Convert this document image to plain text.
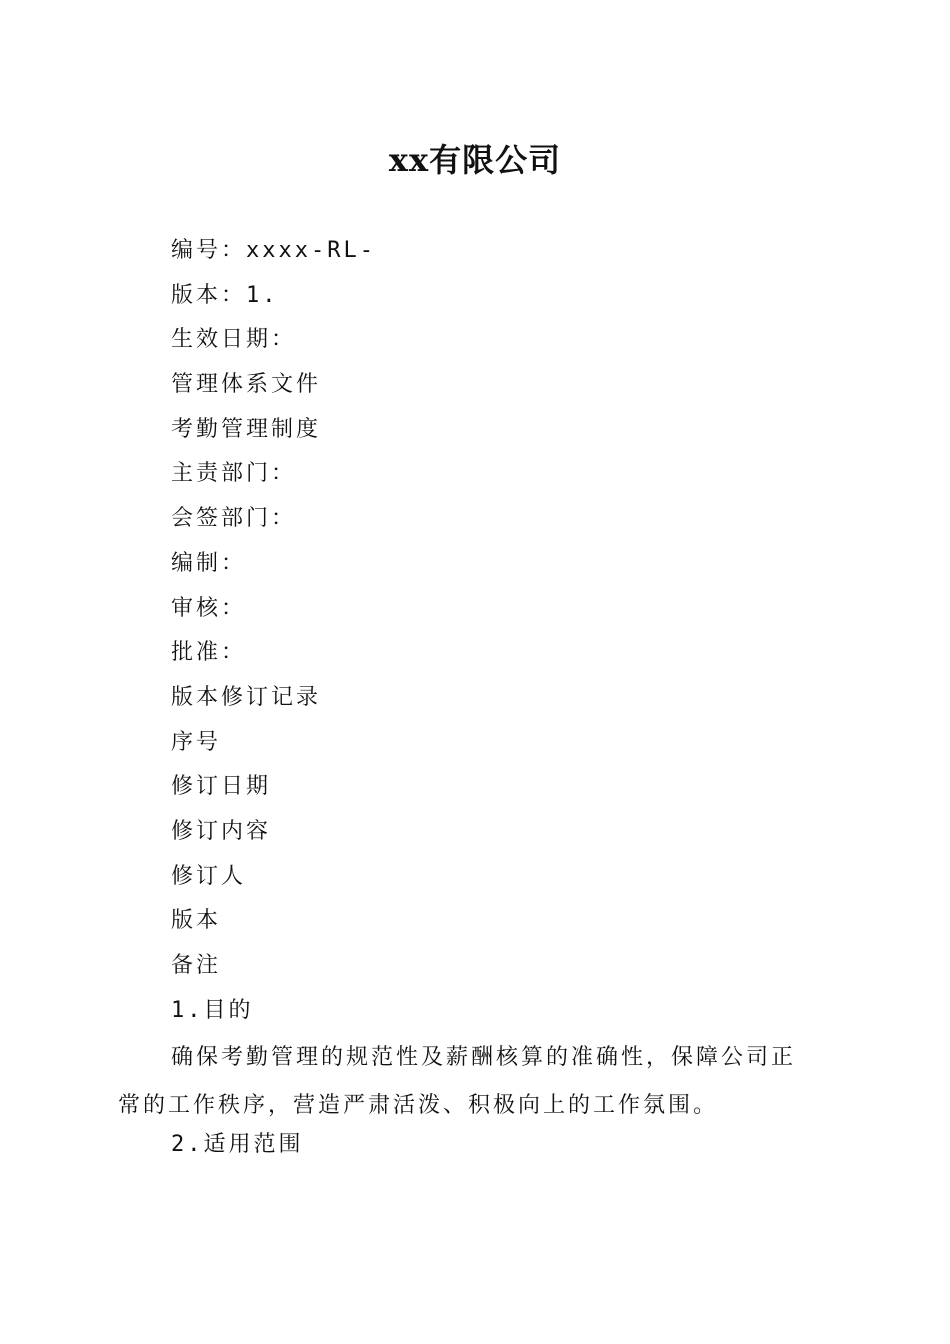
xx有限公司
编号：xxxx-RL-
版本：1.
生效日期：
管理体系文件
考勤管理制度
主责部门：
会签部门：
编制：
审核：
批准：
版本修订记录
序号
修订日期
修订内容
修订人
版本
备注
1.目的
确保考勤管理的规范性及薪酬核算的准确性，保障公司正
常的工作秩序，营造严肃活泼、积极向上的工作氛围。
2.适用范围
